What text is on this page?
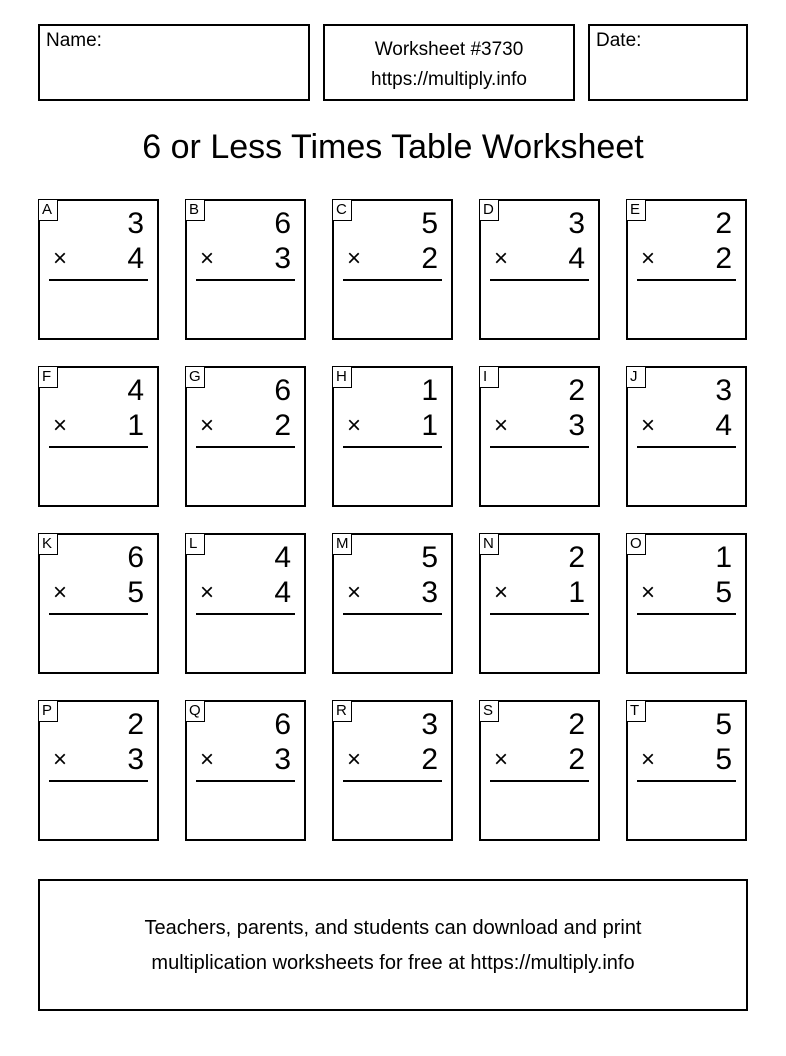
Name:	Worksheet #3730
https://multiply.info
Date:
6 or Less Times Table Worksheet
A	3
× 4
B	6
× 3
C 5
× 2
D 3
× 4
E	2
× 2
F	4
× 1
G 6
× 2
H 1
× 1
I	2
× 3
J	3
× 4
K	6
× 5
L	4
× 4
M 5
× 3
N 2
× 1
O 1
× 5
P	2
× 3
Q 6
× 3
R 3
× 2
S	2
× 2
T	5
× 5
Teachers, parents, and students can download and print
multiplication worksheets for free at https://multiply.info
